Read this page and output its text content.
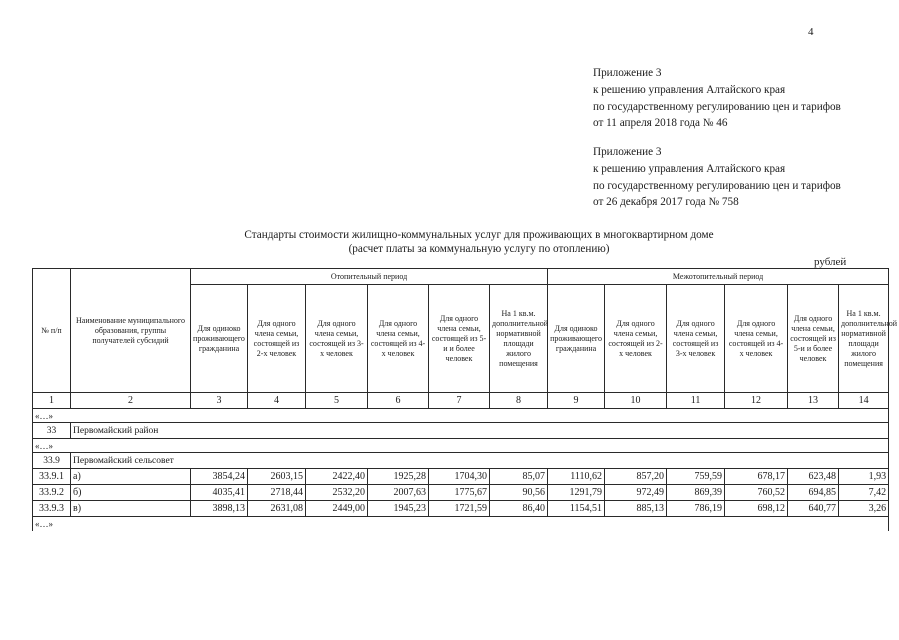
4
Приложение 3
к решению управления Алтайского края
по государственному регулированию цен и тарифов
от 11 апреля 2018 года № 46
Приложение 3
к решению управления Алтайского края
по государственному регулированию цен и тарифов
от 26 декабря 2017 года № 758
Стандарты стоимости жилищно-коммунальных услуг для проживающих в многоквартирном доме
(расчет платы за коммунальную услугу по отоплению)
рублей
№ п/п	Наименование муниципального образования, группы получателей субсидий	Отопительный период						Межотопительный период					
		Для одиноко проживающего гражданина	Для одного члена семьи, состоящей из 2-х человек	Для одного члена семьи, состоящей из 3-х человек	Для одного члена семьи, состоящей из 4-х человек	Для одного члена семьи, состоящей из 5-и и более человек	На 1 кв.м. дополнительной нормативной площади жилого помещения	Для одиноко проживающего гражданина	Для одного члена семьи, состоящей из 2-х человек	Для одного члена семьи, состоящей из 3-х человек	Для одного члена семьи, состоящей из 4-х человек	Для одного члена семьи, состоящей из 5-и и более человек	На 1 кв.м. дополнительной нормативной площади жилого помещения
1	2	3	4	5	6	7	8	9	10	11	12	13	14
«…»													
33	Первомайский район												
«…»													
33.9	Первомайский сельсовет												
33.9.1	а)	3854,24	2603,15	2422,40	1925,28	1704,30	85,07	1110,62	857,20	759,59	678,17	623,48	1,93
33.9.2	б)	4035,41	2718,44	2532,20	2007,63	1775,67	90,56	1291,79	972,49	869,39	760,52	694,85	7,42
33.9.3	в)	3898,13	2631,08	2449,00	1945,23	1721,59	86,40	1154,51	885,13	786,19	698,12	640,77	3,26
«…»													
